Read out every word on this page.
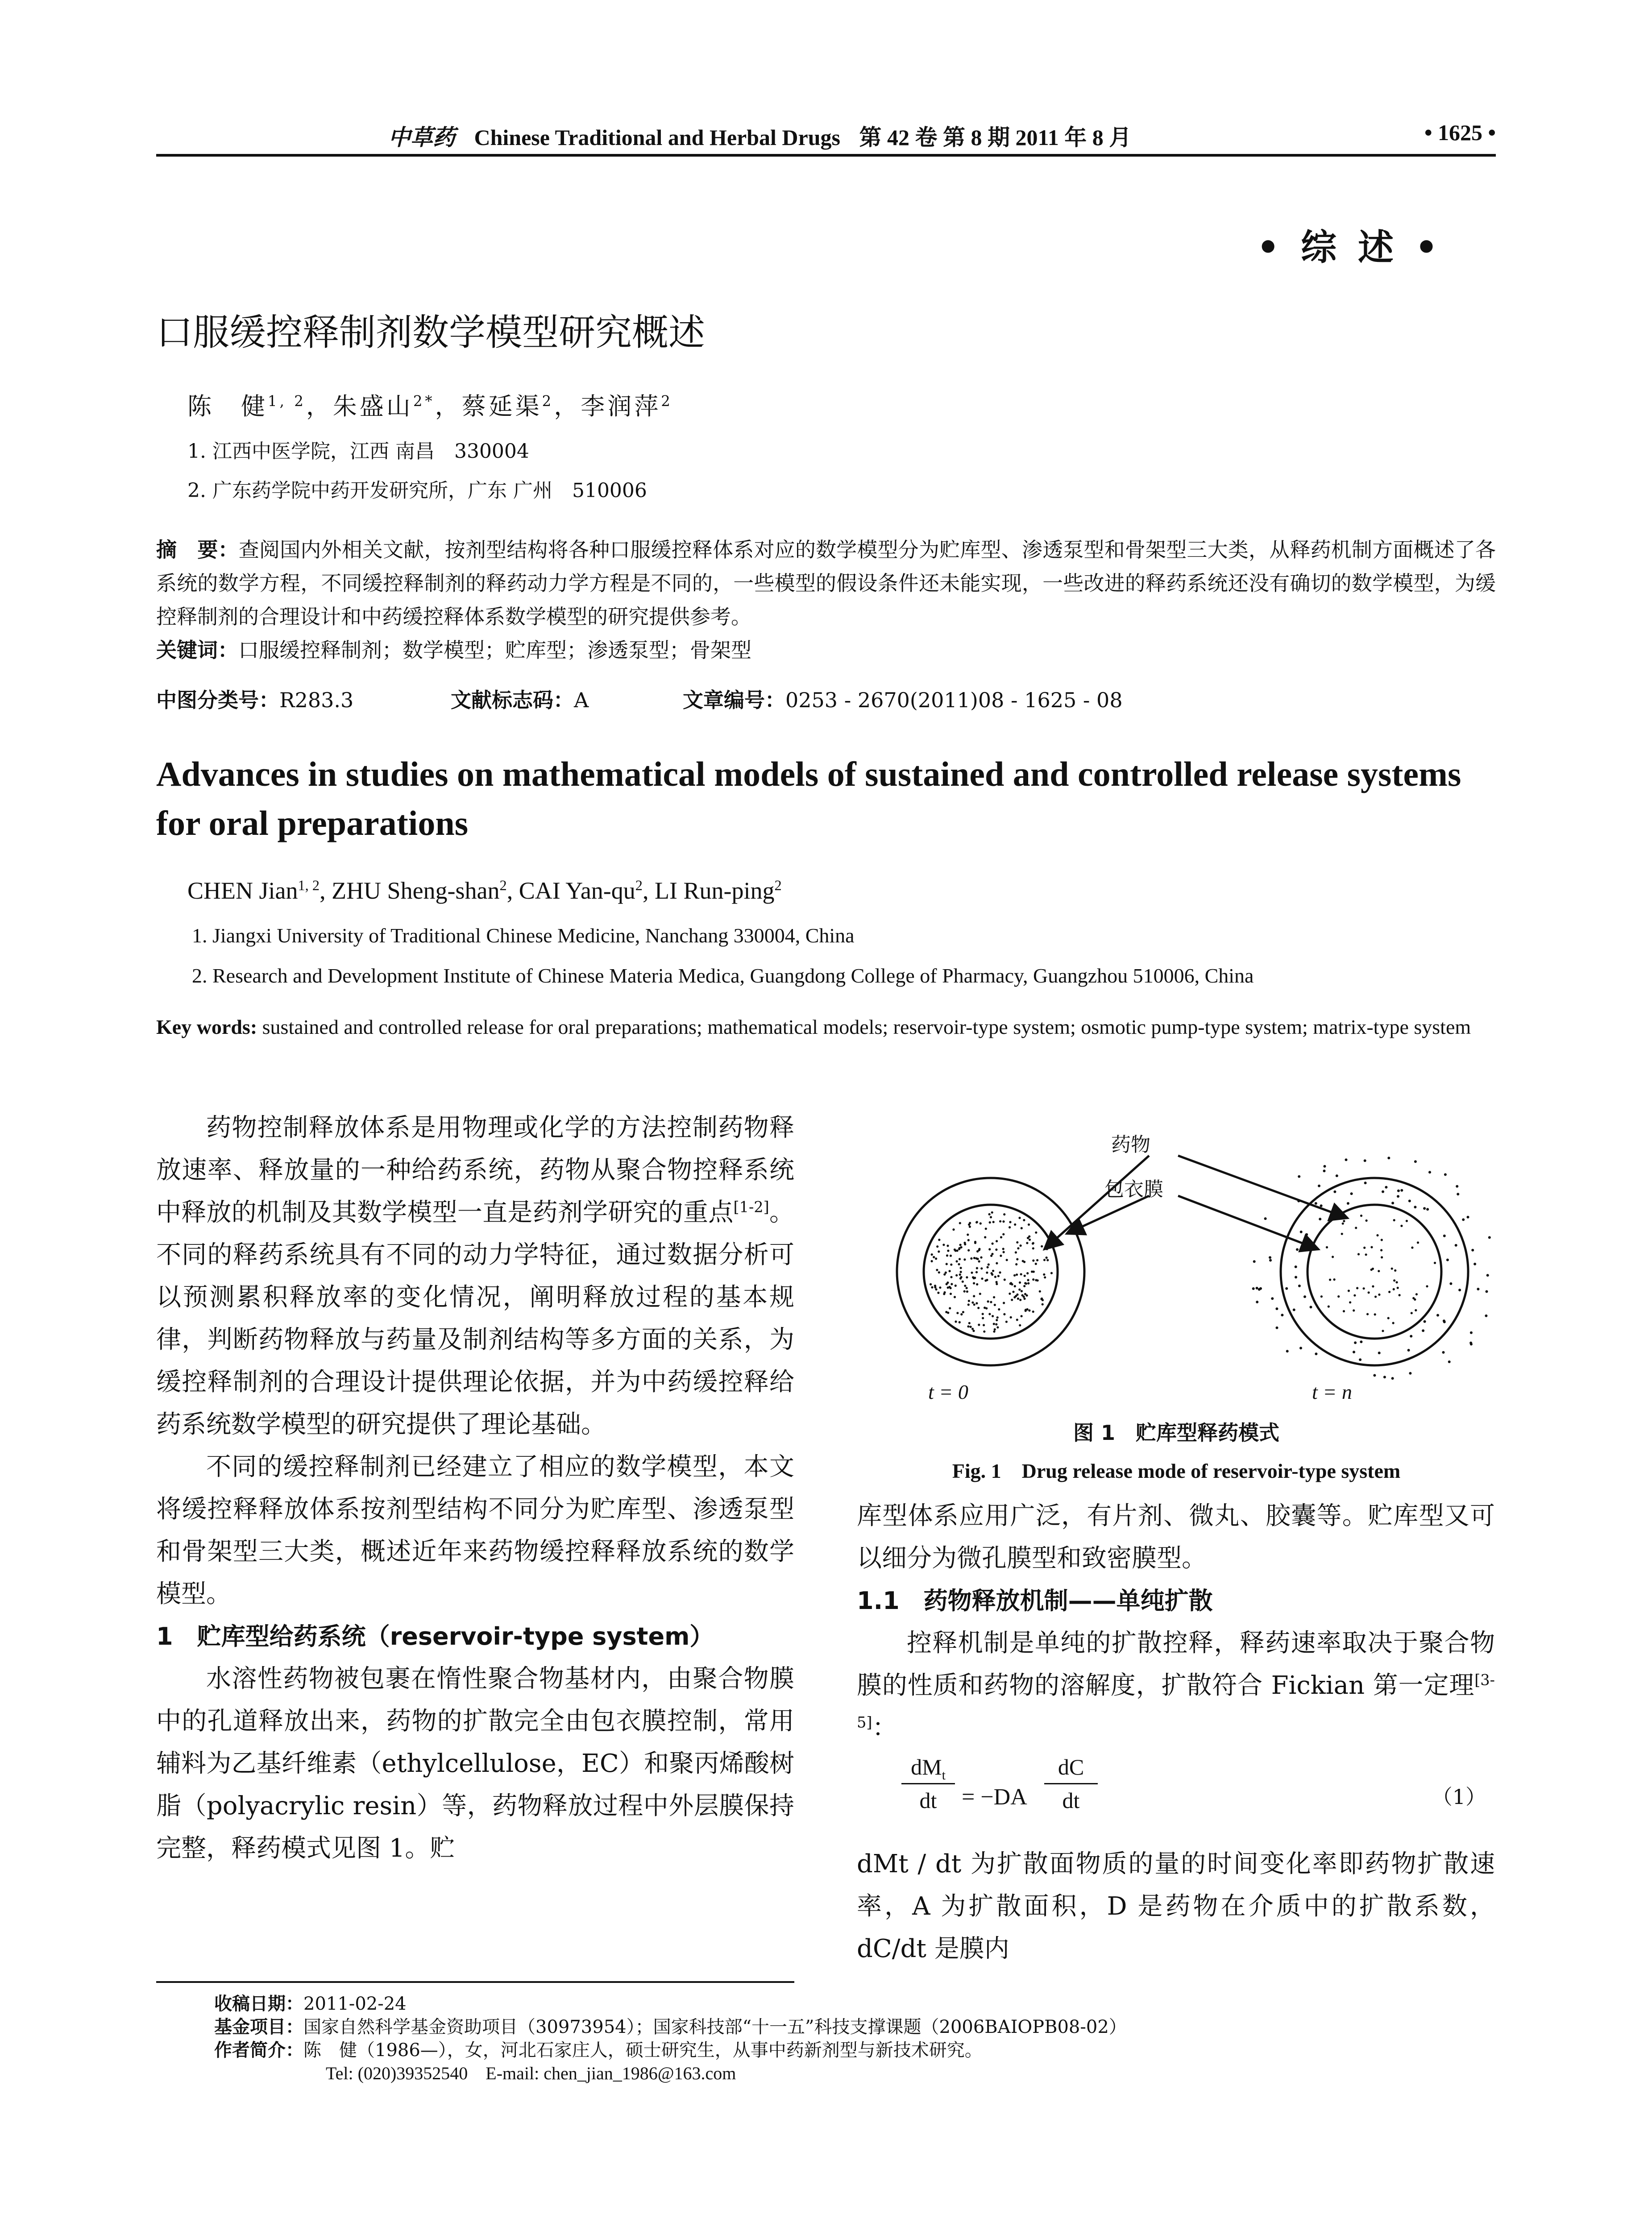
中草药 Chinese Traditional and Herbal Drugs 第 42 卷 第 8 期 2011 年 8 月	• 1625 •
• 综 述 •
口服缓控释制剂数学模型研究概述
陈　健$^{1, 2}$，朱盛山$^{2*}$，蔡延渠$^2$，李润萍$^2$
1. 江西中医学院，江西 南昌　330004
2. 广东药学院中药开发研究所，广东 广州　510006
摘　要：查阅国内外相关文献，按剂型结构将各种口服缓控释体系对应的数学模型分为贮库型、渗透泵型和骨架型三大类，从释药机制方面概述了各系统的数学方程，不同缓控释制剂的释药动力学方程是不同的，一些模型的假设条件还未能实现，一些改进的释药系统还没有确切的数学模型，为缓控释制剂的合理设计和中药缓控释体系数学模型的研究提供参考。
关键词：口服缓控释制剂；数学模型；贮库型；渗透泵型；骨架型
中图分类号：R283.3	文献标志码：A	文章编号：0253 - 2670(2011)08 - 1625 - 08
Advances in studies on mathematical models of sustained and controlled release systems for oral preparations
CHEN Jian$^{1, 2}$, ZHU Sheng-shan$^2$, CAI Yan-$qu^2$, LI Run-ping$^2$
1. Jiangxi University of Traditional Chinese Medicine, Nanchang 330004, China
2. Research and Development Institute of Chinese Materia Medica, Guangdong College of Pharmacy, Guangzhou 510006, China
Key words: sustained and controlled release for oral preparations; mathematical models; reservoir-type system; osmotic pump-type system; matrix-type system

药物控制释放体系是用物理或化学的方法控制药物释放速率、释放量的一种给药系统，药物从聚合物控释系统中释放的机制及其数学模型一直是药剂学研究的重点[1-2]。不同的释药系统具有不同的动力学特征，通过数据分析可以预测累积释放率的变化情况，阐明释放过程的基本规律，判断药物释放与药量及制剂结构等多方面的关系，为缓控释制剂的合理设计提供理论依据，并为中药缓控释给药系统数学模型的研究提供了理论基础。

不同的缓控释制剂已经建立了相应的数学模型，本文将缓控释释放体系按剂型结构不同分为贮库型、渗透泵型和骨架型三大类，概述近年来药物缓控释释放系统的数学模型。

1　贮库型给药系统（reservoir-type system）

水溶性药物被包裹在惰性聚合物基材内，由聚合物膜中的孔道释放出来，药物的扩散完全由包衣膜控制，常用辅料为乙基纤维素（ethylcellulose，EC）和聚丙烯酸树脂（polyacrylic resin）等，药物释放过程中外层膜保持完整，释药模式见图 1。贮

药物
包衣膜
t = 0	t = n
图 1　贮库型释药模式
Fig. 1　Drug release mode of reservoir-type system

库型体系应用广泛，有片剂、微丸、胶囊等。贮库型又可以细分为微孔膜型和致密膜型。

1.1　药物释放机制——单纯扩散

控释机制是单纯的扩散控释，释药速率取决于聚合物膜的性质和药物的溶解度，扩散符合 Fickian 第一定理[3-5]：

$dM_t$
dt	= −DA
dC
dt	（1）

dMt / dt 为扩散面物质的量的时间变化率即药物扩散速率，A 为扩散面积，D 是药物在介质中的扩散系数，dC/dt 是膜内

收稿日期：2011-02-24
基金项目：国家自然科学基金资助项目（30973954）；国家科技部“十一五”科技支撑课题（2006BAIOPB08-02）
作者简介：陈　健（1986—），女，河北石家庄人，硕士研究生，从事中药新剂型与新技术研究。
Tel: (020)39352540　E-mail: chen_jian_1986@163.com
